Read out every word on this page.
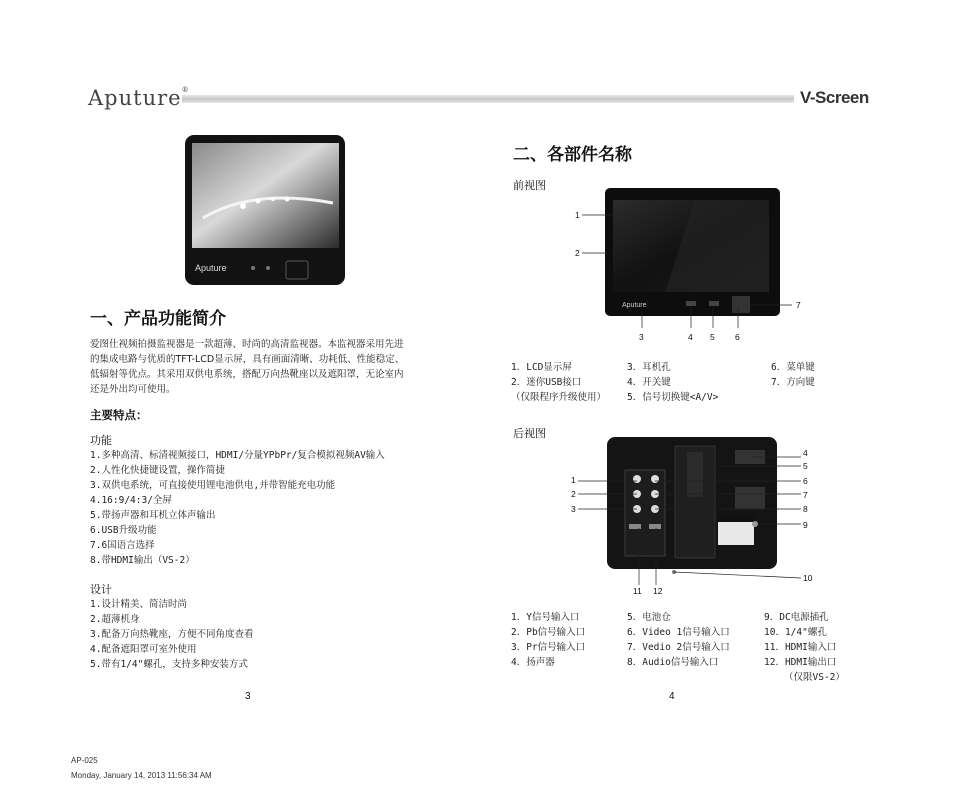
Aputure®	V-Screen
Aputure
一、产品功能简介
爱图仕视频拍摄监视器是一款超薄、时尚的高清监视器。本监视器采用先进
的集成电路与优质的TFT-LCD显示屏，具有画面清晰、功耗低、性能稳定、
低辐射等优点。其采用双供电系统，搭配万向热靴座以及遮阳罩，无论室内
还是外出均可使用。
主要特点：
功能
1.多种高清、标清视频接口，HDMI/分量YPbPr/复合模拟视频AV输入
2.人性化快捷键设置，操作简捷
3.双供电系统，可直接使用锂电池供电,并带智能充电功能
4.16:9/4:3/全屏
5.带扬声器和耳机立体声输出
6.USB升级功能
7.6国语言选择
8.带HDMI输出（VS-2）
设计
1.设计精美、简洁时尚
2.超薄机身
3.配备万向热靴座，方便不同角度查看
4.配备遮阳罩可室外使用
5.带有1/4"螺孔，支持多种安装方式
3
二、各部件名称
前视图
Aputure
1
2
3	4 5 6
7
1．LCD显示屏
2．迷你USB接口
（仅限程序升级使用）
3．耳机孔
4．开关键
5．信号切换键<A/V>
6．菜单键
7．方向键
后视图
1
2
3
4
5
6
7
8
9
10
11 12
1．Y信号输入口
2．Pb信号输入口
3．Pr信号输入口
4．扬声器
5．电池仓
6．Video 1信号输入口
7．Vedio 2信号输入口
8．Audio信号输入口
9．DC电源插孔
10．1/4"螺孔
11．HDMI输入口
12．HDMI输出口
（仅限VS-2）
4
AP-025
Monday, January 14, 2013 11:56:34 AM
